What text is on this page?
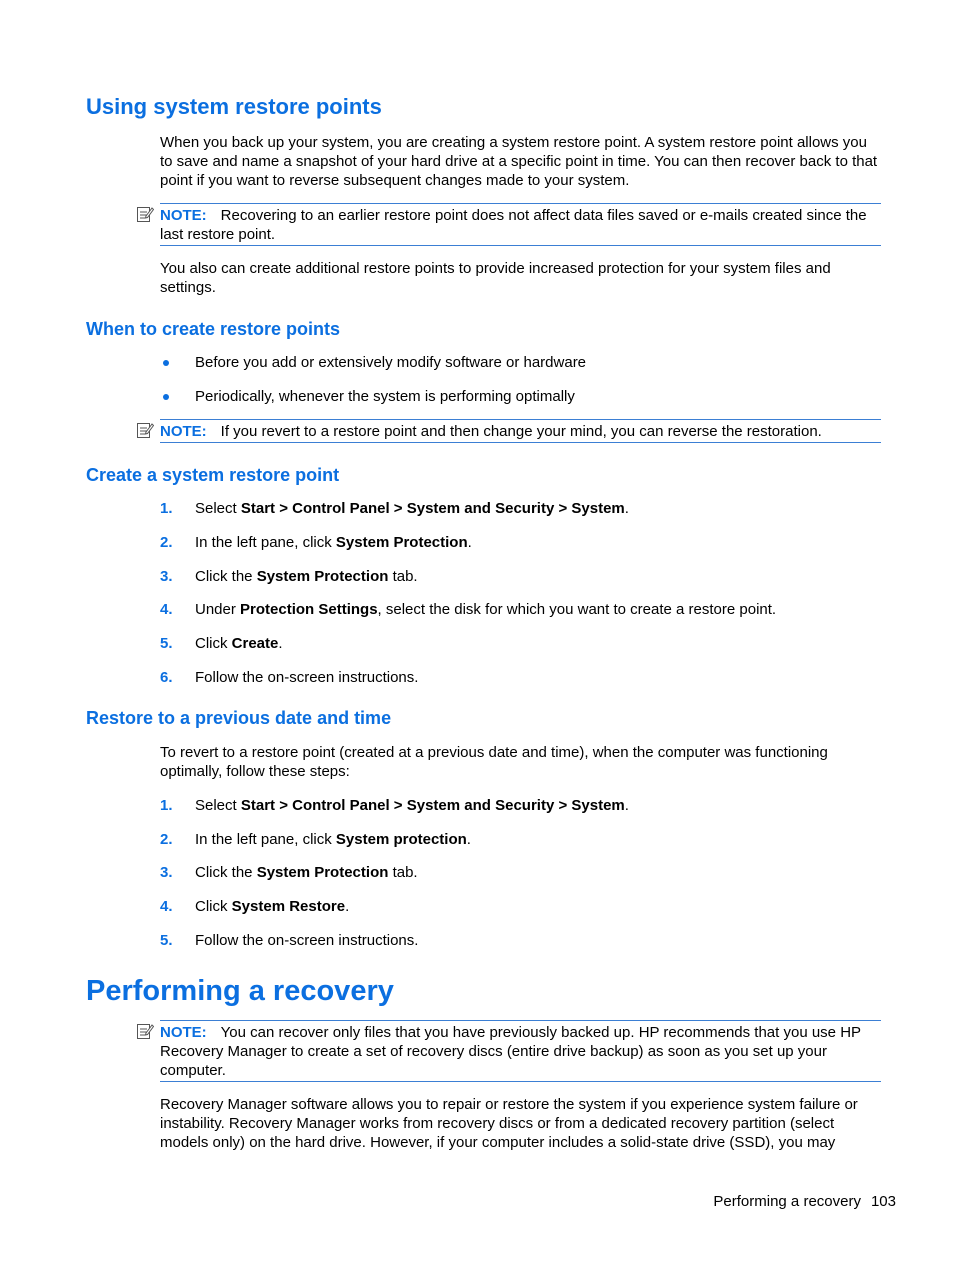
Using system restore points

When you back up your system, you are creating a system restore point. A system restore point allows you to save and name a snapshot of your hard drive at a specific point in time. You can then recover back to that point if you want to reverse subsequent changes made to your system.

NOTE: Recovering to an earlier restore point does not affect data files saved or e-mails created since the last restore point.

You also can create additional restore points to provide increased protection for your system files and settings.

When to create restore points
Before you add or extensively modify software or hardware
Periodically, whenever the system is performing optimally
NOTE: If you revert to a restore point and then change your mind, you can reverse the restoration.
Create a system restore point
1. Select Start > Control Panel > System and Security > System.
2. In the left pane, click System Protection.
3. Click the System Protection tab.
4. Under Protection Settings, select the disk for which you want to create a restore point.
5. Click Create.
6. Follow the on-screen instructions.
Restore to a previous date and time

To revert to a restore point (created at a previous date and time), when the computer was functioning optimally, follow these steps:

1. Select Start > Control Panel > System and Security > System.
2. In the left pane, click System protection.
3. Click the System Protection tab.
4. Click System Restore.
5. Follow the on-screen instructions.
Performing a recovery
NOTE: You can recover only files that you have previously backed up. HP recommends that you use HP Recovery Manager to create a set of recovery discs (entire drive backup) as soon as you set up your computer.

Recovery Manager software allows you to repair or restore the system if you experience system failure or instability. Recovery Manager works from recovery discs or from a dedicated recovery partition (select models only) on the hard drive. However, if your computer includes a solid-state drive (SSD), you may

Performing a recovery 103
